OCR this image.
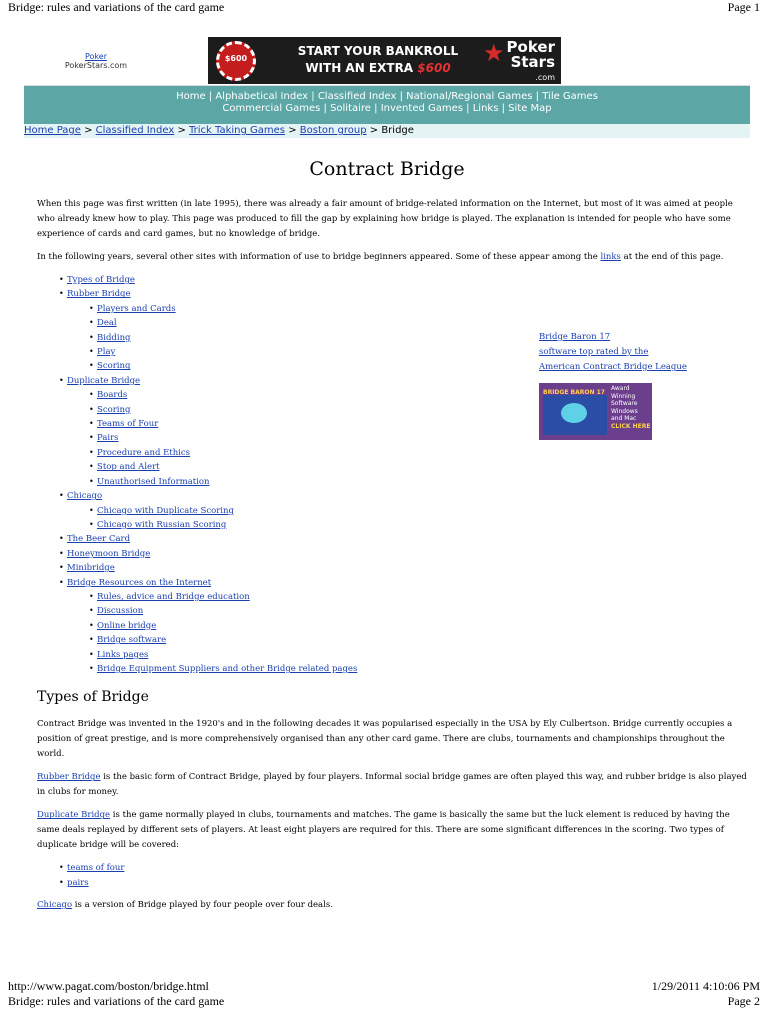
Bridge: rules and variations of the card game	Page 1
Poker
PokerStars.com
$600
START YOUR BANKROLL
WITH AN EXTRA $600
★ Poker
Stars
.com
Home | Alphabetical Index | Classified Index | National/Regional Games | Tile Games
Commercial Games | Solitaire | Invented Games | Links | Site Map
Home Page > Classified Index > Trick Taking Games > Boston group > Bridge
Contract Bridge

When this page was first written (in late 1995), there was already a fair amount of bridge-related information on the Internet, but most of it was aimed at people who already knew how to play. This page was produced to fill the gap by explaining how bridge is played. The explanation is intended for people who have some experience of cards and card games, but no knowledge of bridge.

In the following years, several other sites with information of use to bridge beginners appeared. Some of these appear among the links at the end of this page.

• Types of Bridge
• Rubber Bridge
• Players and Cards
• Deal
• Bidding
• Play
• Scoring
• Duplicate Bridge
• Boards
• Scoring
• Teams of Four
• Pairs
• Procedure and Ethics
• Stop and Alert
• Unauthorised Information
• Chicago
• Chicago with Duplicate Scoring
• Chicago with Russian Scoring
• The Beer Card
• Honeymoon Bridge
• Minibridge
• Bridge Resources on the Internet
• Rules, advice and Bridge education
• Discussion
• Online bridge
• Bridge software
• Links pages
• Bridge Equipment Suppliers and other Bridge related pages
Types of Bridge

Contract Bridge was invented in the 1920's and in the following decades it was popularised especially in the USA by Ely Culbertson. Bridge currently occupies a position of great prestige, and is more comprehensively organised than any other card game. There are clubs, tournaments and championships throughout the world.

Rubber Bridge is the basic form of Contract Bridge, played by four players. Informal social bridge games are often played this way, and rubber bridge is also played in clubs for money.

Duplicate Bridge is the game normally played in clubs, tournaments and matches. The game is basically the same but the luck element is reduced by having the same deals replayed by different sets of players. At least eight players are required for this. There are some significant differences in the scoring. Two types of duplicate bridge will be covered:

• teams of four
• pairs

Chicago is a version of Bridge played by four people over four deals.

Bridge Baron 17
software top rated by the
American Contract Bridge League
BRIDGE BARON 17
Award
Winning
Software
Windows
and Mac
CLICK HERE
http://www.pagat.com/boston/bridge.html	1/29/2011 4:10:06 PM
Bridge: rules and variations of the card game	Page 2
